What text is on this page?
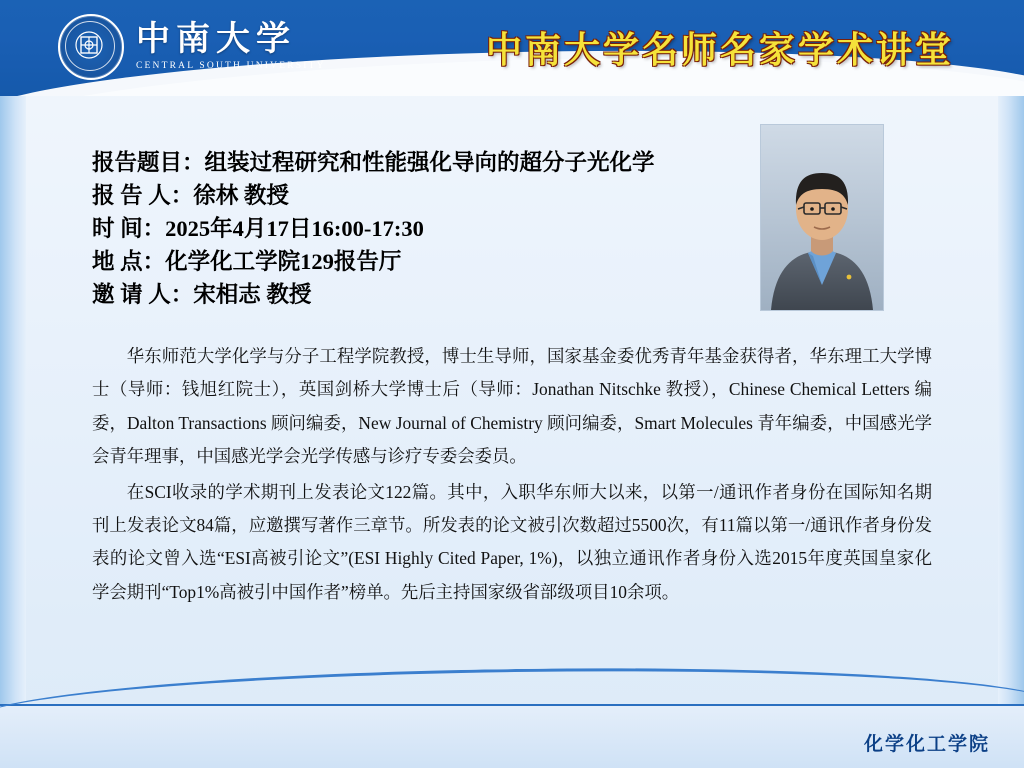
中南大学
CENTRAL SOUTH UNIVERSITY	中南大学名师名家学术讲堂
报告题目：组装过程研究和性能强化导向的超分子光化学
报 告 人：徐林 教授
时 间：2025年4月17日16:00-17:30
地 点：化学化工学院129报告厅
邀 请 人：宋相志 教授

华东师范大学化学与分子工程学院教授，博士生导师，国家基金委优秀青年基金获得者，华东理工大学博士（导师：钱旭红院士），英国剑桥大学博士后（导师：Jonathan Nitschke 教授），Chinese Chemical Letters 编委，Dalton Transactions 顾问编委，New Journal of Chemistry 顾问编委，Smart Molecules 青年编委，中国感光学会青年理事，中国感光学会光学传感与诊疗专委会委员。

在SCI收录的学术期刊上发表论文122篇。其中，入职华东师大以来，以第一/通讯作者身份在国际知名期刊上发表论文84篇，应邀撰写著作三章节。所发表的论文被引次数超过5500次，有11篇以第一/通讯作者身份发表的论文曾入选“ESI高被引论文”(ESI Highly Cited Paper, 1%)，以独立通讯作者身份入选2015年度英国皇家化学会期刊“Top1%高被引中国作者”榜单。先后主持国家级省部级项目10余项。

化学化工学院
